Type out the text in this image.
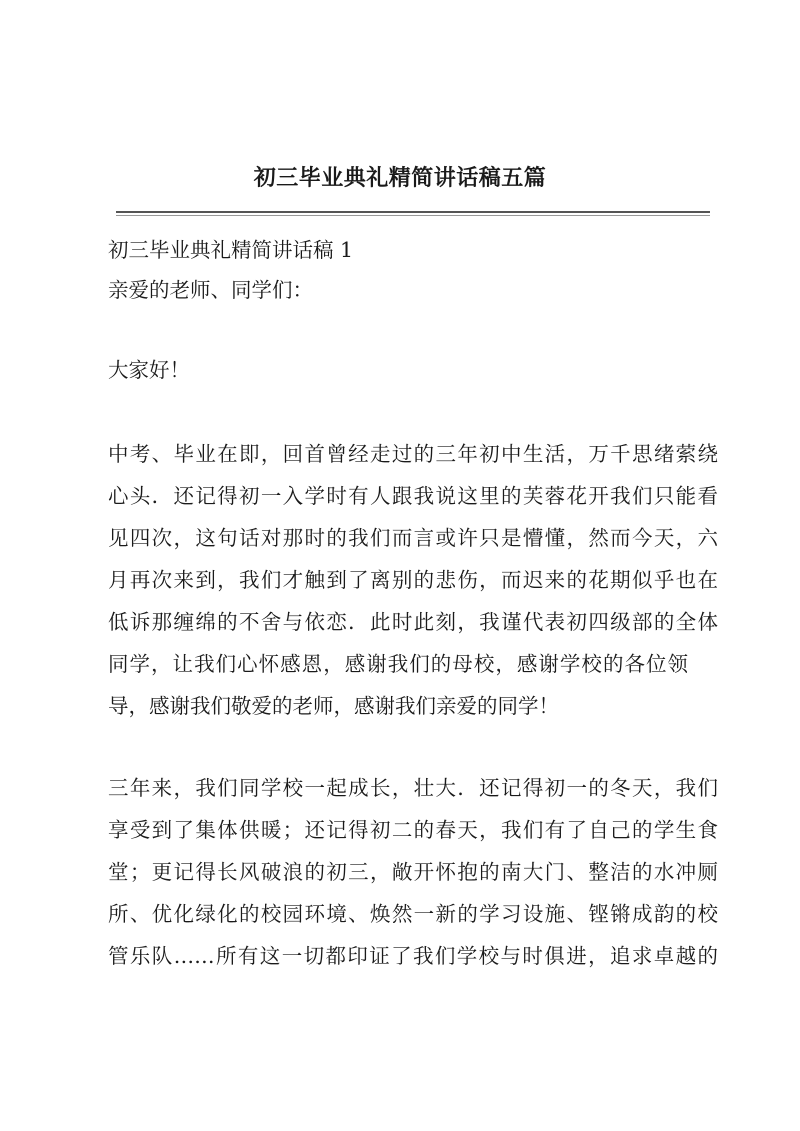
初三毕业典礼精简讲话稿五篇
初三毕业典礼精简讲话稿 1
亲爱的老师、同学们：
大家好！
中考、毕业在即，回首曾经走过的三年初中生活，万千思绪萦绕
心头．还记得初一入学时有人跟我说这里的芙蓉花开我们只能看
见四次，这句话对那时的我们而言或许只是懵懂，然而今天，六
月再次来到，我们才触到了离别的悲伤，而迟来的花期似乎也在
低诉那缠绵的不舍与依恋．此时此刻，我谨代表初四级部的全体
同学，让我们心怀感恩，感谢我们的母校，感谢学校的各位领
导，感谢我们敬爱的老师，感谢我们亲爱的同学！
三年来，我们同学校一起成长，壮大．还记得初一的冬天，我们
享受到了集体供暖；还记得初二的春天，我们有了自己的学生食
堂；更记得长风破浪的初三，敞开怀抱的南大门、整洁的水冲厕
所、优化绿化的校园环境、焕然一新的学习设施、铿锵成韵的校
管乐队……所有这一切都印证了我们学校与时俱进，追求卓越的
